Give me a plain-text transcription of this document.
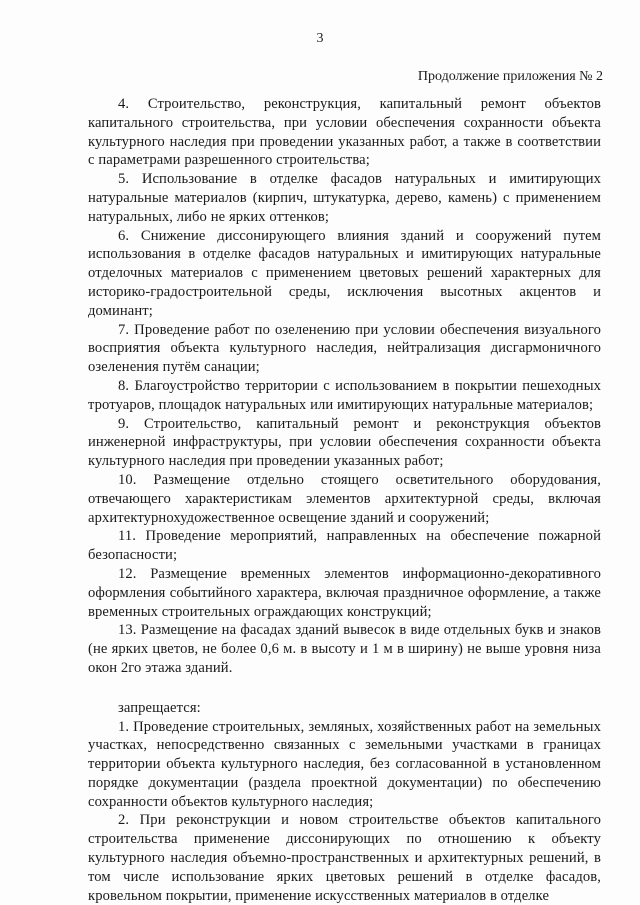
3
Продолжение приложения № 2

4. Строительство, реконструкция, капитальный ремонт объектов капитального строительства, при условии обеспечения сохранности объекта культурного наследия при проведении указанных работ, а также в соответствии с параметрами разрешенного строительства;

5. Использование в отделке фасадов натуральных и имитирующих натуральные материалов (кирпич, штукатурка, дерево, камень) с применением натуральных, либо не ярких оттенков;

6. Снижение диссонирующего влияния зданий и сооружений путем использования в отделке фасадов натуральных и имитирующих натуральные отделочных материалов с применением цветовых решений характерных для историко-градостроительной среды, исключения высотных акцентов и доминант;

7. Проведение работ по озеленению при условии обеспечения визуального восприятия объекта культурного наследия, нейтрализация дисгармоничного озеленения путём санации;

8. Благоустройство территории с использованием в покрытии пешеходных тротуаров, площадок натуральных или имитирующих натуральные материалов;

9. Строительство, капитальный ремонт и реконструкция объектов инженерной инфраструктуры, при условии обеспечения сохранности объекта культурного наследия при проведении указанных работ;

10. Размещение отдельно стоящего осветительного оборудования, отвечающего характеристикам элементов архитектурной среды, включая архитектурнохудожественное освещение зданий и сооружений;

11. Проведение мероприятий, направленных на обеспечение пожарной безопасности;

12. Размещение временных элементов информационно-декоративного оформления событийного характера, включая праздничное оформление, а также временных строительных ограждающих конструкций;

13. Размещение на фасадах зданий вывесок в виде отдельных букв и знаков (не ярких цветов, не более 0,6 м. в высоту и 1 м в ширину) не выше уровня низа окон 2го этажа зданий.

запрещается:

1. Проведение строительных, земляных, хозяйственных работ на земельных участках, непосредственно связанных с земельными участками в границах территории объекта культурного наследия, без согласованной в установленном порядке документации (раздела проектной документации) по обеспечению сохранности объектов культурного наследия;

2. При реконструкции и новом строительстве объектов капитального строительства применение диссонирующих по отношению к объекту культурного наследия объемно-пространственных и архитектурных решений, в том числе использование ярких цветовых решений в отделке фасадов, кровельном покрытии, применение искусственных материалов в отделке
